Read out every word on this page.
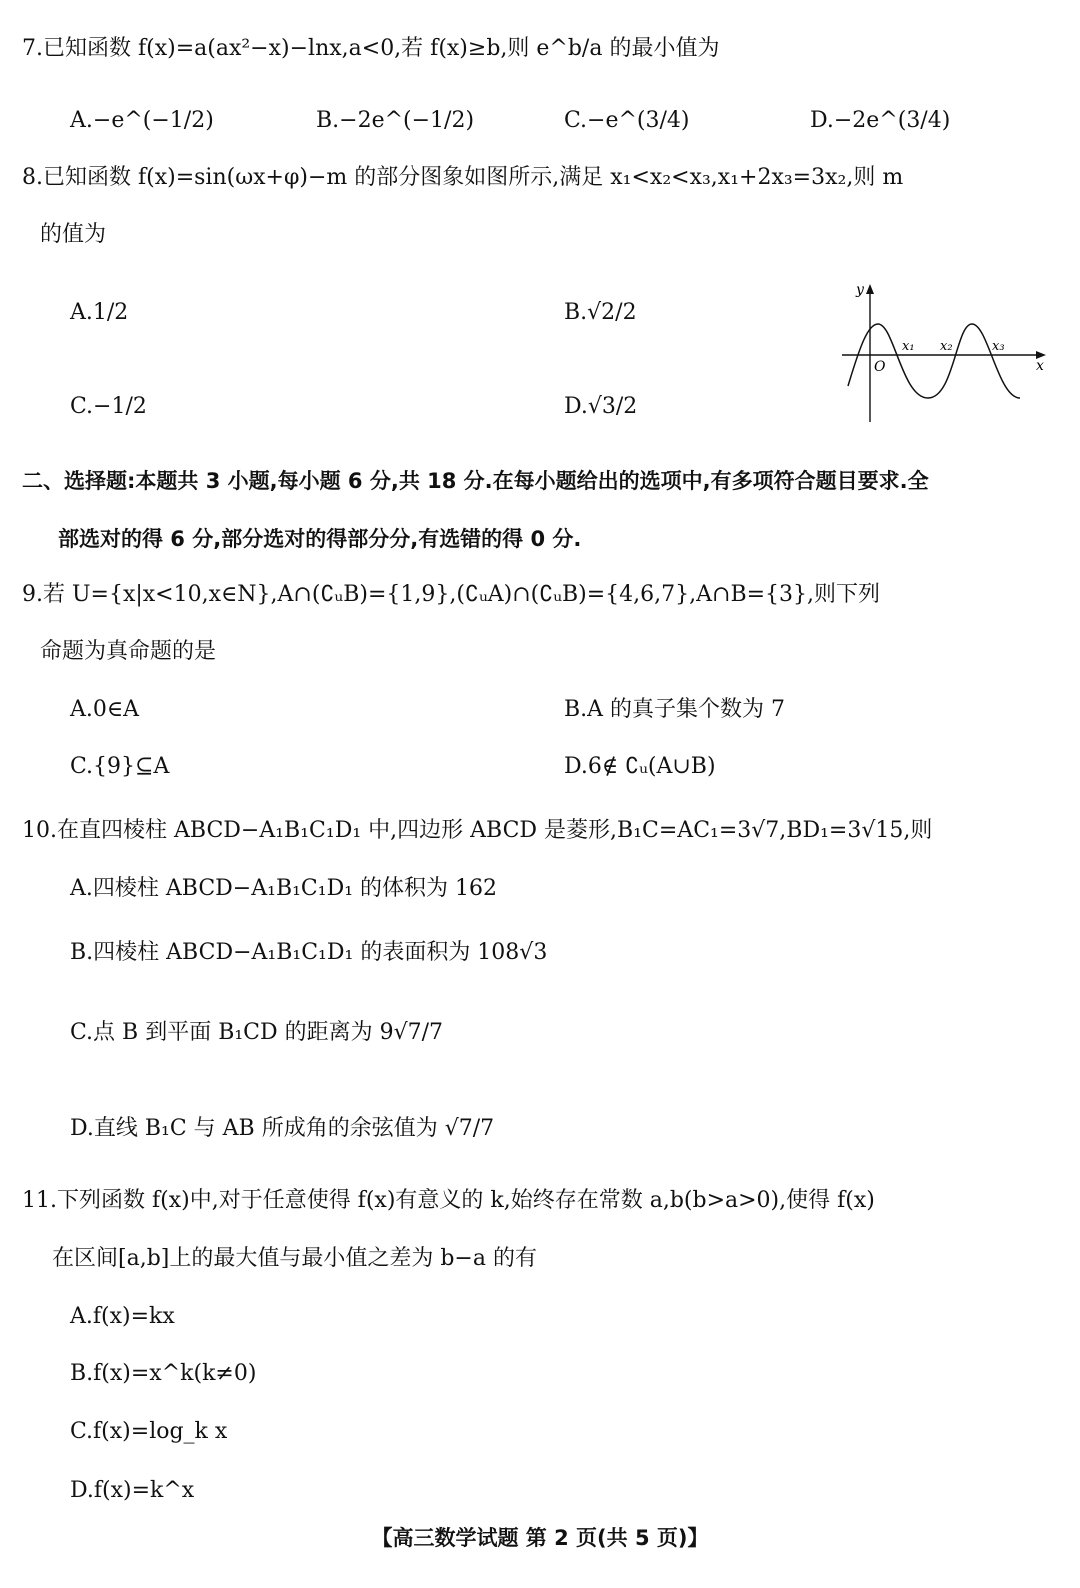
7.已知函数 f(x)=a(ax²−x)−lnx,a<0,若 f(x)≥b,则 e^b/a 的最小值为
A.−e^(−1/2)	B.−2e^(−1/2)	C.−e^(3/4)	D.−2e^(3/4)
8.已知函数 f(x)=sin(ωx+φ)−m 的部分图象如图所示,满足 x₁<x₂<x₃,x₁+2x₃=3x₂,则 m
的值为
A.1/2	B.√2/2
C.−1/2	D.√3/2
y
x
O
x₁ x₂	x₃
二、选择题:本题共 3 小题,每小题 6 分,共 18 分.在每小题给出的选项中,有多项符合题目要求.全
部选对的得 6 分,部分选对的得部分分,有选错的得 0 分.
9.若 U={x|x<10,x∈N},A∩(∁ᵤB)={1,9},(∁ᵤA)∩(∁ᵤB)={4,6,7},A∩B={3},则下列
命题为真命题的是
A.0∈A	B.A 的真子集个数为 7
C.{9}⊆A	D.6∉ ∁ᵤ(A∪B)
10.在直四棱柱 ABCD−A₁B₁C₁D₁ 中,四边形 ABCD 是菱形,B₁C=AC₁=3√7,BD₁=3√15,则
A.四棱柱 ABCD−A₁B₁C₁D₁ 的体积为 162
B.四棱柱 ABCD−A₁B₁C₁D₁ 的表面积为 108√3
C.点 B 到平面 B₁CD 的距离为 9√7/7
D.直线 B₁C 与 AB 所成角的余弦值为 √7/7
11.下列函数 f(x)中,对于任意使得 f(x)有意义的 k,始终存在常数 a,b(b>a>0),使得 f(x)
在区间[a,b]上的最大值与最小值之差为 b−a 的有
A.f(x)=kx
B.f(x)=x^k(k≠0)
C.f(x)=log_k x
D.f(x)=k^x
【高三数学试题 第 2 页(共 5 页)】
